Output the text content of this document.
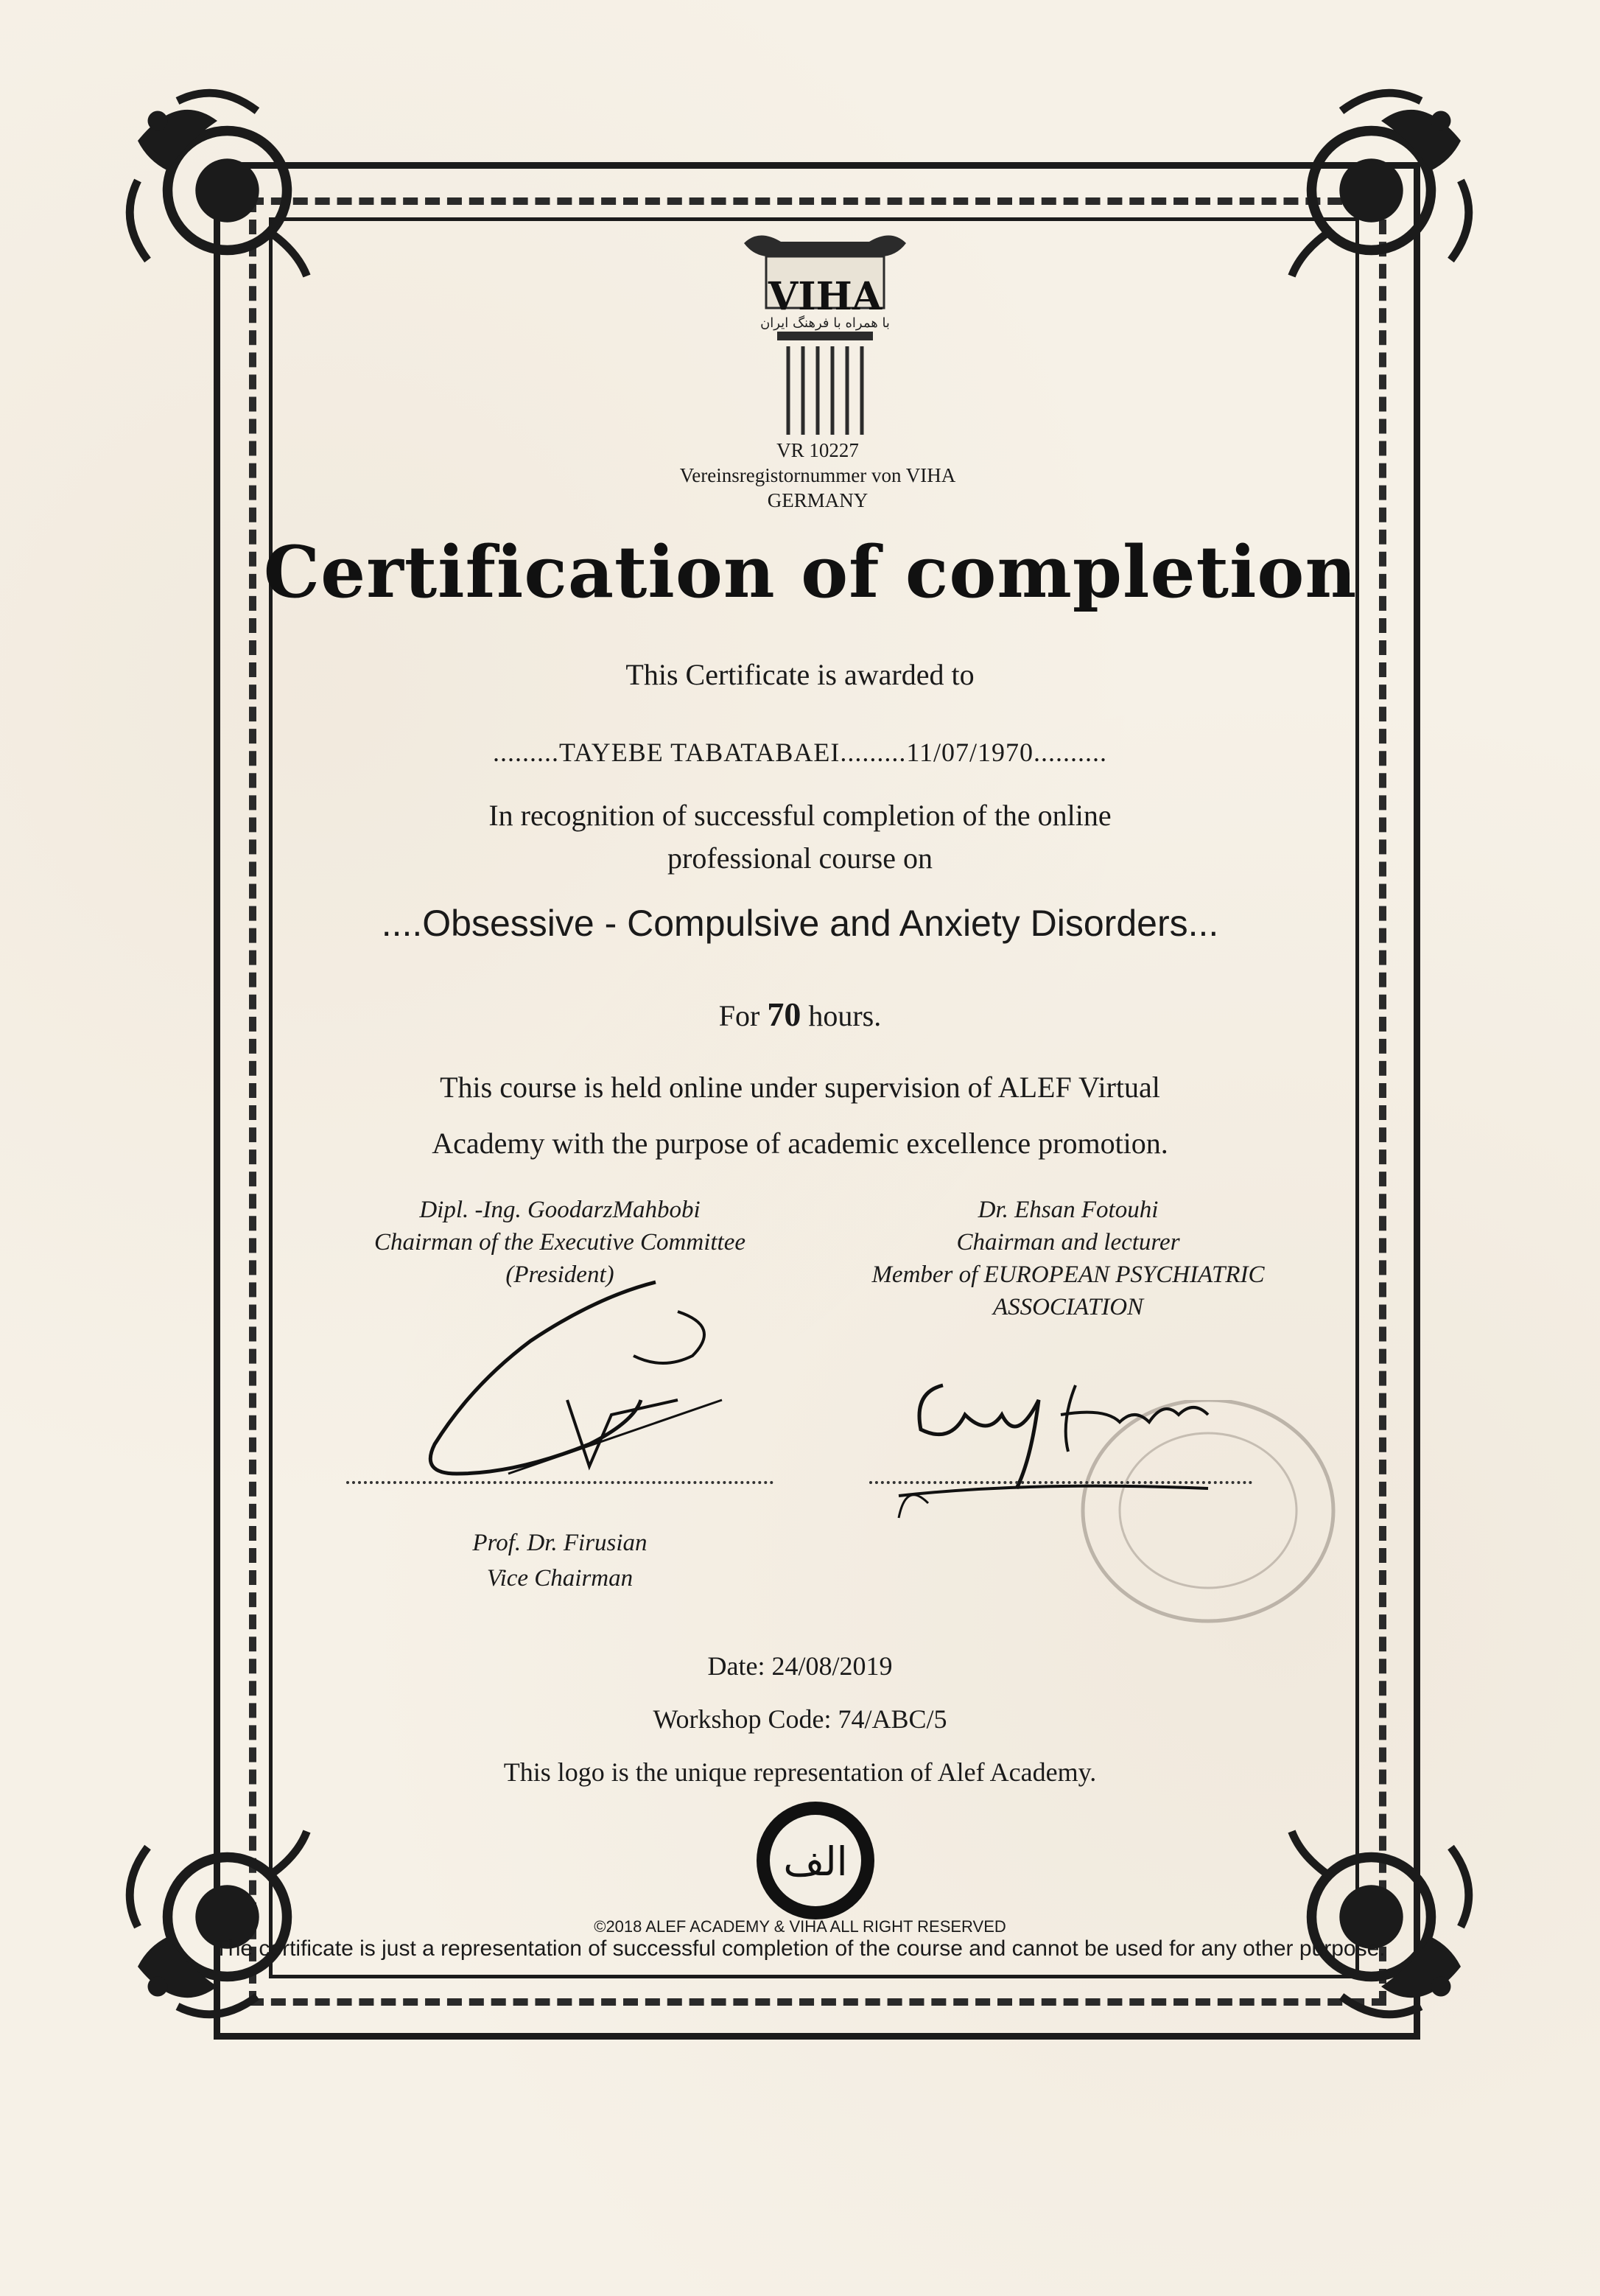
VIHA
با همراه با فرهنگ ایران
VR 10227
Vereinsregistornummer von VIHA
GERMANY
Certification of completion
This Certificate is awarded to
.........TAYEBE TABATABAEI.........11/07/1970..........
In recognition of successful completion of the online
professional course on
....Obsessive - Compulsive and Anxiety Disorders...
For 70 hours.
This course is held online under supervision of ALEF Virtual
Academy with the purpose of academic excellence promotion.
Dipl. -Ing. GoodarzMahbobi
Chairman of the Executive Committee
(President)
Dr. Ehsan Fotouhi
Chairman and lecturer
Member of EUROPEAN PSYCHIATRIC
ASSOCIATION
Prof. Dr. Firusian
Vice Chairman
Date: 24/08/2019
Workshop Code: 74/ABC/5
This logo is the unique representation of Alef Academy.
الف
©2018 ALEF ACADEMY & VIHA ALL RIGHT RESERVED
The certificate is just a representation of successful completion of the course and cannot be used for any other purpose.
